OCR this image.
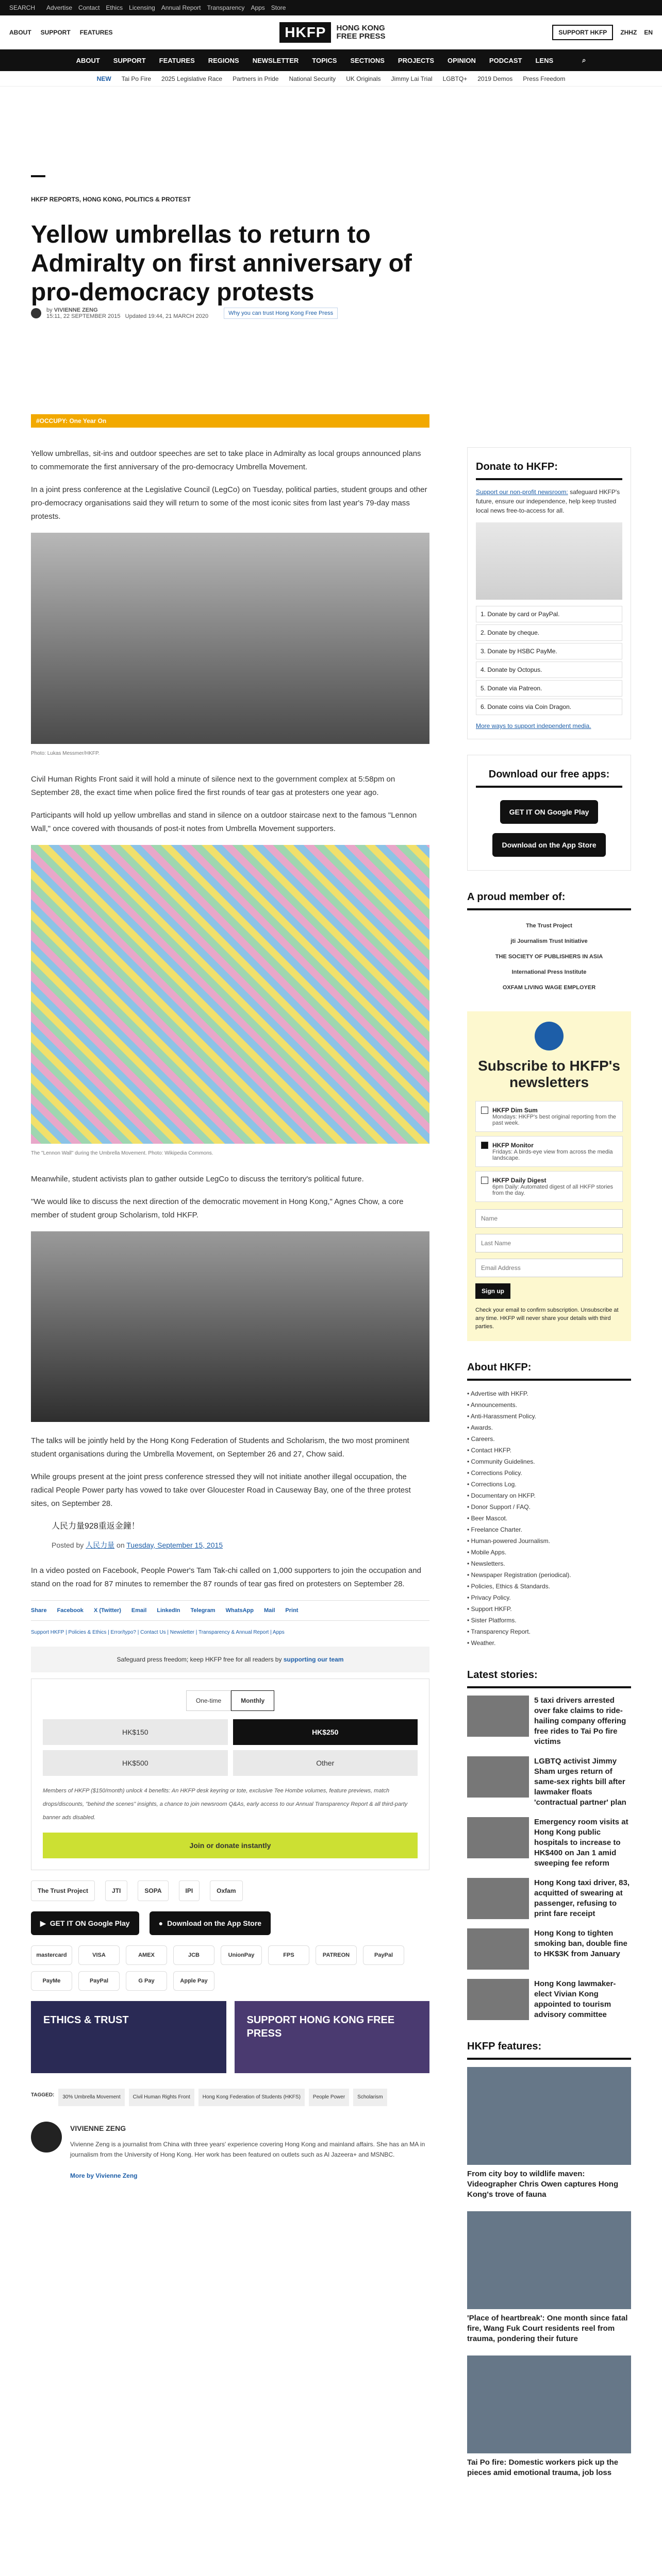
SEARCH Advertise Contact Ethics Licensing Annual Report Transparency Apps Store
ABOUT SUPPORT FEATURES	HKFP	HONG KONG
FREE PRESS	SUPPORT HKFP	ZHHZ EN
ABOUT SUPPORT FEATURES REGIONS NEWSLETTER TOPICS SECTIONS PROJECTS OPINION PODCAST LENS	⌕
NEW Tai Po Fire 2025 Legislative Race Partners in Pride National Security UK Originals Jimmy Lai Trial LGBTQ+ 2019 Demos Press Freedom
HKFP REPORTS, HONG KONG, POLITICS & PROTEST
Yellow umbrellas to return to Admiralty on first anniversary of pro-democracy protests
by VIVIENNE ZENG
15:11, 22 SEPTEMBER 2015 Updated 19:44, 21 MARCH 2020	Why you can trust Hong Kong Free Press
#OCCUPY: One Year On

Yellow umbrellas, sit-ins and outdoor speeches are set to take place in Admiralty as local groups announced plans to commemorate the first anniversary of the pro-democracy Umbrella Movement.

In a joint press conference at the Legislative Council (LegCo) on Tuesday, political parties, student groups and other pro-democracy organisations said they will return to some of the most iconic sites from last year's 79-day mass protests.

Photo: Lukas Messmer/HKFP.

Civil Human Rights Front said it will hold a minute of silence next to the government complex at 5:58pm on September 28, the exact time when police fired the first rounds of tear gas at protesters one year ago.

Participants will hold up yellow umbrellas and stand in silence on a outdoor staircase next to the famous "Lennon Wall," once covered with thousands of post-it notes from Umbrella Movement supporters.

The "Lennon Wall" during the Umbrella Movement. Photo: Wikipedia Commons.

Meanwhile, student activists plan to gather outside LegCo to discuss the territory's political future.

"We would like to discuss the next direction of the democratic movement in Hong Kong," Agnes Chow, a core member of student group Scholarism, told HKFP.

The talks will be jointly held by the Hong Kong Federation of Students and Scholarism, the two most prominent student organisations during the Umbrella Movement, on September 26 and 27, Chow said.

While groups present at the joint press conference stressed they will not initiate another illegal occupation, the radical People Power party has vowed to take over Gloucester Road in Causeway Bay, one of the three protest sites, on September 28.

人民力量928重返金鐘！
Posted by 人民力量 on Tuesday, September 15, 2015

In a video posted on Facebook, People Power's Tam Tak-chi called on 1,000 supporters to join the occupation and stand on the road for 87 minutes to remember the 87 rounds of tear gas fired on protesters on September 28.

Share Facebook X (Twitter) Email LinkedIn Telegram WhatsApp Mail Print
Support HKFP | Policies & Ethics | Error/typo? | Contact Us | Newsletter | Transparency & Annual Report | Apps
Safeguard press freedom; keep HKFP free for all readers by supporting our team
One-time	Monthly
HK$150	HK$250
HK$500	Other
Members of HKFP ($150/month) unlock 4 benefits: An HKFP desk keyring or tote, exclusive Tee Hombe volumes, feature previews, match drops/discounts, "behind the scenes" insights, a chance to join newsroom Q&As, early access to our Annual Transparency Report & all third-party banner ads disabled.
Join or donate instantly
The Trust Project	JTI	SOPA	IPI	Oxfam
▶ GET IT ON Google Play	● Download on the App Store
mastercard	VISA	AMEX	JCB	UnionPay	FPS	PATREON	PayPal
PayMe	PayPal	G Pay	Apple Pay
ETHICS & TRUST	SUPPORT HONG KONG FREE PRESS
TAGGED:	30% Umbrella Movement	Civil Human Rights Front	Hong Kong Federation of Students (HKFS)	People Power	Scholarism
VIVIENNE ZENG

Vivienne Zeng is a journalist from China with three years' experience covering Hong Kong and mainland affairs. She has an MA in journalism from the University of Hong Kong. Her work has been featured on outlets such as Al Jazeera+ and MSNBC.

More by Vivienne Zeng
Donate to HKFP:
Support our non-profit newsroom: safeguard HKFP's future, ensure our independence, help keep trusted local news free-to-access for all.
1. Donate by card or PayPal.
2. Donate by cheque.
3. Donate by HSBC PayMe.
4. Donate by Octopus.
5. Donate via Patreon.
6. Donate coins via Coin Dragon.
More ways to support independent media.
Download our free apps:
GET IT ON Google Play
Download on the App Store
A proud member of:
The Trust Project
jti Journalism Trust Initiative
THE SOCIETY OF PUBLISHERS IN ASIA
International Press Institute
OXFAM LIVING WAGE EMPLOYER
Subscribe to HKFP's newsletters
HKFP Dim Sum
Mondays: HKFP's best original reporting from the past week.
HKFP Monitor
Fridays: A birds-eye view from across the media landscape.
HKFP Daily Digest
6pm Daily: Automated digest of all HKFP stories from the day.
Name Last Name Email Address Sign up
Check your email to confirm subscription. Unsubscribe at any time. HKFP will never share your details with third parties.
About HKFP:
• Advertise with HKFP.
• Announcements.
• Anti-Harassment Policy.
• Awards.
• Careers.
• Contact HKFP.
• Community Guidelines.
• Corrections Policy.
• Corrections Log.
• Documentary on HKFP.
• Donor Support / FAQ.
• Beer Mascot.
• Freelance Charter.
• Human-powered Journalism.
• Mobile Apps.
• Newsletters.
• Newspaper Registration (periodical).
• Policies, Ethics & Standards.
• Privacy Policy.
• Support HKFP.
• Sister Platforms.
• Transparency Report.
• Weather.
Latest stories:
5 taxi drivers arrested over fake claims to ride-hailing company offering free rides to Tai Po fire victims
LGBTQ activist Jimmy Sham urges return of same-sex rights bill after lawmaker floats 'contractual partner' plan
Emergency room visits at Hong Kong public hospitals to increase to HK$400 on Jan 1 amid sweeping fee reform
Hong Kong taxi driver, 83, acquitted of swearing at passenger, refusing to print fare receipt
Hong Kong to tighten smoking ban, double fine to HK$3K from January
Hong Kong lawmaker-elect Vivian Kong appointed to tourism advisory committee
HKFP features:
From city boy to wildlife maven: Videographer Chris Owen captures Hong Kong's trove of fauna
'Place of heartbreak': One month since fatal fire, Wang Fuk Court residents reel from trauma, pondering their future
Tai Po fire: Domestic workers pick up the pieces amid emotional trauma, job loss
